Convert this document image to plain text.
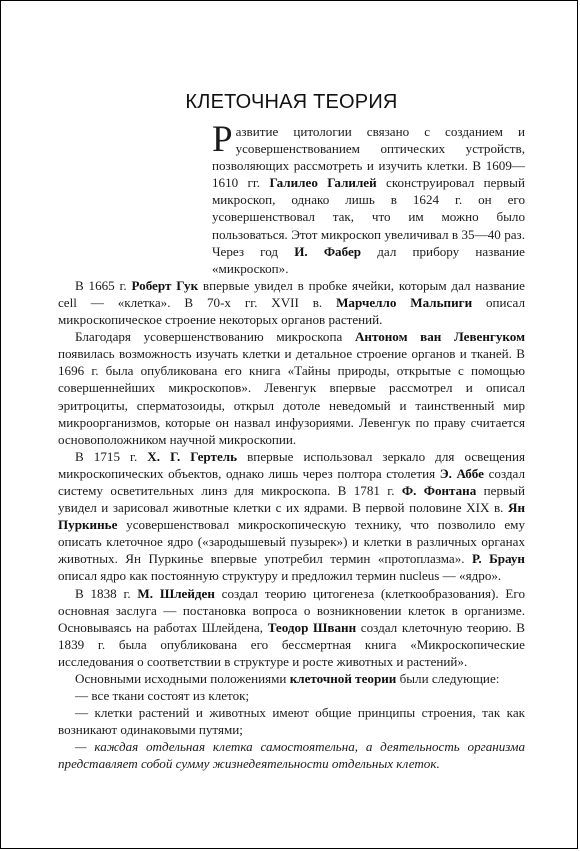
КЛЕТОЧНАЯ ТЕОРИЯ

Развитие цитологии связано с созданием и усовершенствованием оптических устройств, позволяющих рассмотреть и изучить клетки. В 1609—1610 гг. Галилео Галилей сконструировал первый микроскоп, однако лишь в 1624 г. он его усовершенствовал так, что им можно было пользоваться. Этот микроскоп увеличивал в 35—40 раз. Через год И. Фабер дал прибору название «микроскоп».

В 1665 г. Роберт Гук впервые увидел в пробке ячейки, которым дал название cell — «клетка». В 70-х гг. XVII в. Марчелло Мальпиги описал микроскопическое строение некоторых органов растений.

Благодаря усовершенствованию микроскопа Антоном ван Левенгуком появилась возможность изучать клетки и детальное строение органов и тканей. В 1696 г. была опубликована его книга «Тайны природы, открытые с помощью совершеннейших микроскопов». Левенгук впервые рассмотрел и описал эритроциты, сперматозоиды, открыл дотоле неведомый и таинственный мир микроорганизмов, которые он назвал инфузориями. Левенгук по праву считается основоположником научной микроскопии.

В 1715 г. Х. Г. Гертель впервые использовал зеркало для освещения микроскопических объектов, однако лишь через полтора столетия Э. Аббе создал систему осветительных линз для микроскопа. В 1781 г. Ф. Фонтана первый увидел и зарисовал животные клетки с их ядрами. В первой половине XIX в. Ян Пуркинье усовершенствовал микроскопическую технику, что позволило ему описать клеточное ядро («зародышевый пузырек») и клетки в различных органах животных. Ян Пуркинье впервые употребил термин «протоплазма». Р. Браун описал ядро как постоянную структуру и предложил термин nucleus — «ядро».

В 1838 г. М. Шлейден создал теорию цитогенеза (клеткообразования). Его основная заслуга — постановка вопроса о возникновении клеток в организме. Основываясь на работах Шлейдена, Теодор Шванн создал клеточную теорию. В 1839 г. была опубликована его бессмертная книга «Микроскопические исследования о соответствии в структуре и росте животных и растений».

Основными исходными положениями клеточной теории были следующие:

— все ткани состоят из клеток;

— клетки растений и животных имеют общие принципы строения, так как возникают одинаковыми путями;

— каждая отдельная клетка самостоятельна, а деятельность организма представляет собой сумму жизнедеятельности отдельных клеток.
